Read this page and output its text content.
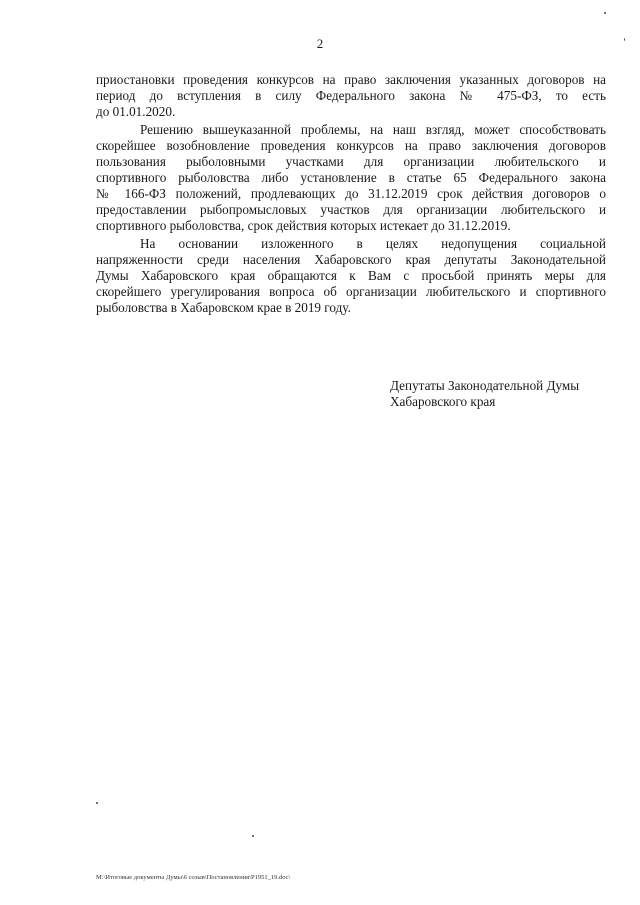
2
приостановки проведения конкурсов на право заключения указанных договоров на
период до вступления в силу Федерального закона № 475-ФЗ, то есть
до 01.01.2020.
Решению вышеуказанной проблемы, на наш взгляд, может способствовать
скорейшее возобновление проведения конкурсов на право заключения договоров
пользования рыболовными участками для организации любительского и
спортивного рыболовства либо установление в статье 65 Федерального закона
№ 166-ФЗ положений, продлевающих до 31.12.2019 срок действия договоров о
предоставлении рыбопромысловых участков для организации любительского и
спортивного рыболовства, срок действия которых истекает до 31.12.2019.
На основании изложенного в целях недопущения социальной
напряженности среди населения Хабаровского края депутаты Законодательной
Думы Хабаровского края обращаются к Вам с просьбой принять меры для
скорейшего урегулирования вопроса об организации любительского и спортивного
рыболовства в Хабаровском крае в 2019 году.
Депутаты Законодательной Думы
Хабаровского края
М:\Итоговые документы Думы\6 созыв\Постановления\P1951_19.doc\
